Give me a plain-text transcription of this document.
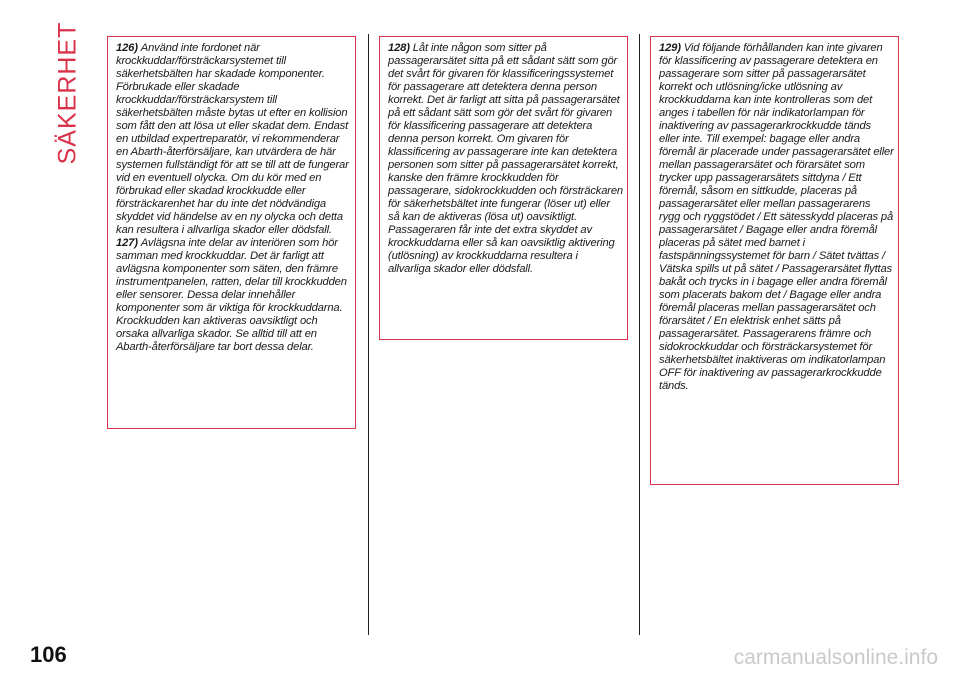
SÄKERHET	126) Använd inte fordonet när krockkuddar/försträckarsystemet till säkerhetsbälten har skadade komponenter. Förbrukade eller skadade krockkuddar/försträckarsystem till säkerhetsbälten måste bytas ut efter en kollision som fått den att lösa ut eller skadat dem. Endast en utbildad expertreparatör, vi rekommenderar en Abarth-återförsäljare, kan utvärdera de här systemen fullständigt för att se till att de fungerar vid en eventuell olycka. Om du kör med en förbrukad eller skadad krockkudde eller försträckarenhet har du inte det nödvändiga skyddet vid händelse av en ny olycka och detta kan resultera i allvarliga skador eller dödsfall.

127) Avlägsna inte delar av interiören som hör samman med krockkuddar. Det är farligt att avlägsna komponenter som säten, den främre instrumentpanelen, ratten, delar till krockkudden eller sensorer. Dessa delar innehåller komponenter som är viktiga för krockkuddarna. Krockkudden kan aktiveras oavsiktligt och orsaka allvarliga skador. Se alltid till att en Abarth-återförsäljare tar bort dessa delar.

128) Låt inte någon som sitter på passagerarsätet sitta på ett sådant sätt som gör det svårt för givaren för klassificeringssystemet för passagerare att detektera denna person korrekt. Det är farligt att sitta på passagerarsätet på ett sådant sätt som gör det svårt för givaren för klassificering passagerare att detektera denna person korrekt. Om givaren för klassificering av passagerare inte kan detektera personen som sitter på passagerarsätet korrekt, kanske den främre krockkudden för passagerare, sidokrockkudden och försträckaren för säkerhetsbältet inte fungerar (löser ut) eller så kan de aktiveras (lösa ut) oavsiktligt. Passageraren får inte det extra skyddet av krockkuddarna eller så kan oavsiktlig aktivering (utlösning) av krockkuddarna resultera i allvarliga skador eller dödsfall.

129) Vid följande förhållanden kan inte givaren för klassificering av passagerare detektera en passagerare som sitter på passagerarsätet korrekt och utlösning/icke utlösning av krockkuddarna kan inte kontrolleras som det anges i tabellen för när indikatorlampan för inaktivering av passagerarkrockkudde tänds eller inte. Till exempel: bagage eller andra föremål är placerade under passagerarsätet eller mellan passagerarsätet och förarsätet som trycker upp passagerarsätets sittdyna / Ett föremål, såsom en sittkudde, placeras på passagerarsätet eller mellan passagerarens rygg och ryggstödet / Ett sätesskydd placeras på passagerarsätet / Bagage eller andra föremål placeras på sätet med barnet i fastspänningssystemet för barn / Sätet tvättas / Vätska spills ut på sätet / Passagerarsätet flyttas bakåt och trycks in i bagage eller andra föremål som placerats bakom det / Bagage eller andra föremål placeras mellan passagerarsätet och förarsätet / En elektrisk enhet sätts på passagerarsätet. Passagerarens främre och sidokrockkuddar och försträckarsystemet för säkerhetsbältet inaktiveras om indikatorlampan OFF för inaktivering av passagerarkrockkudde tänds.

106	carmanualsonline.info
